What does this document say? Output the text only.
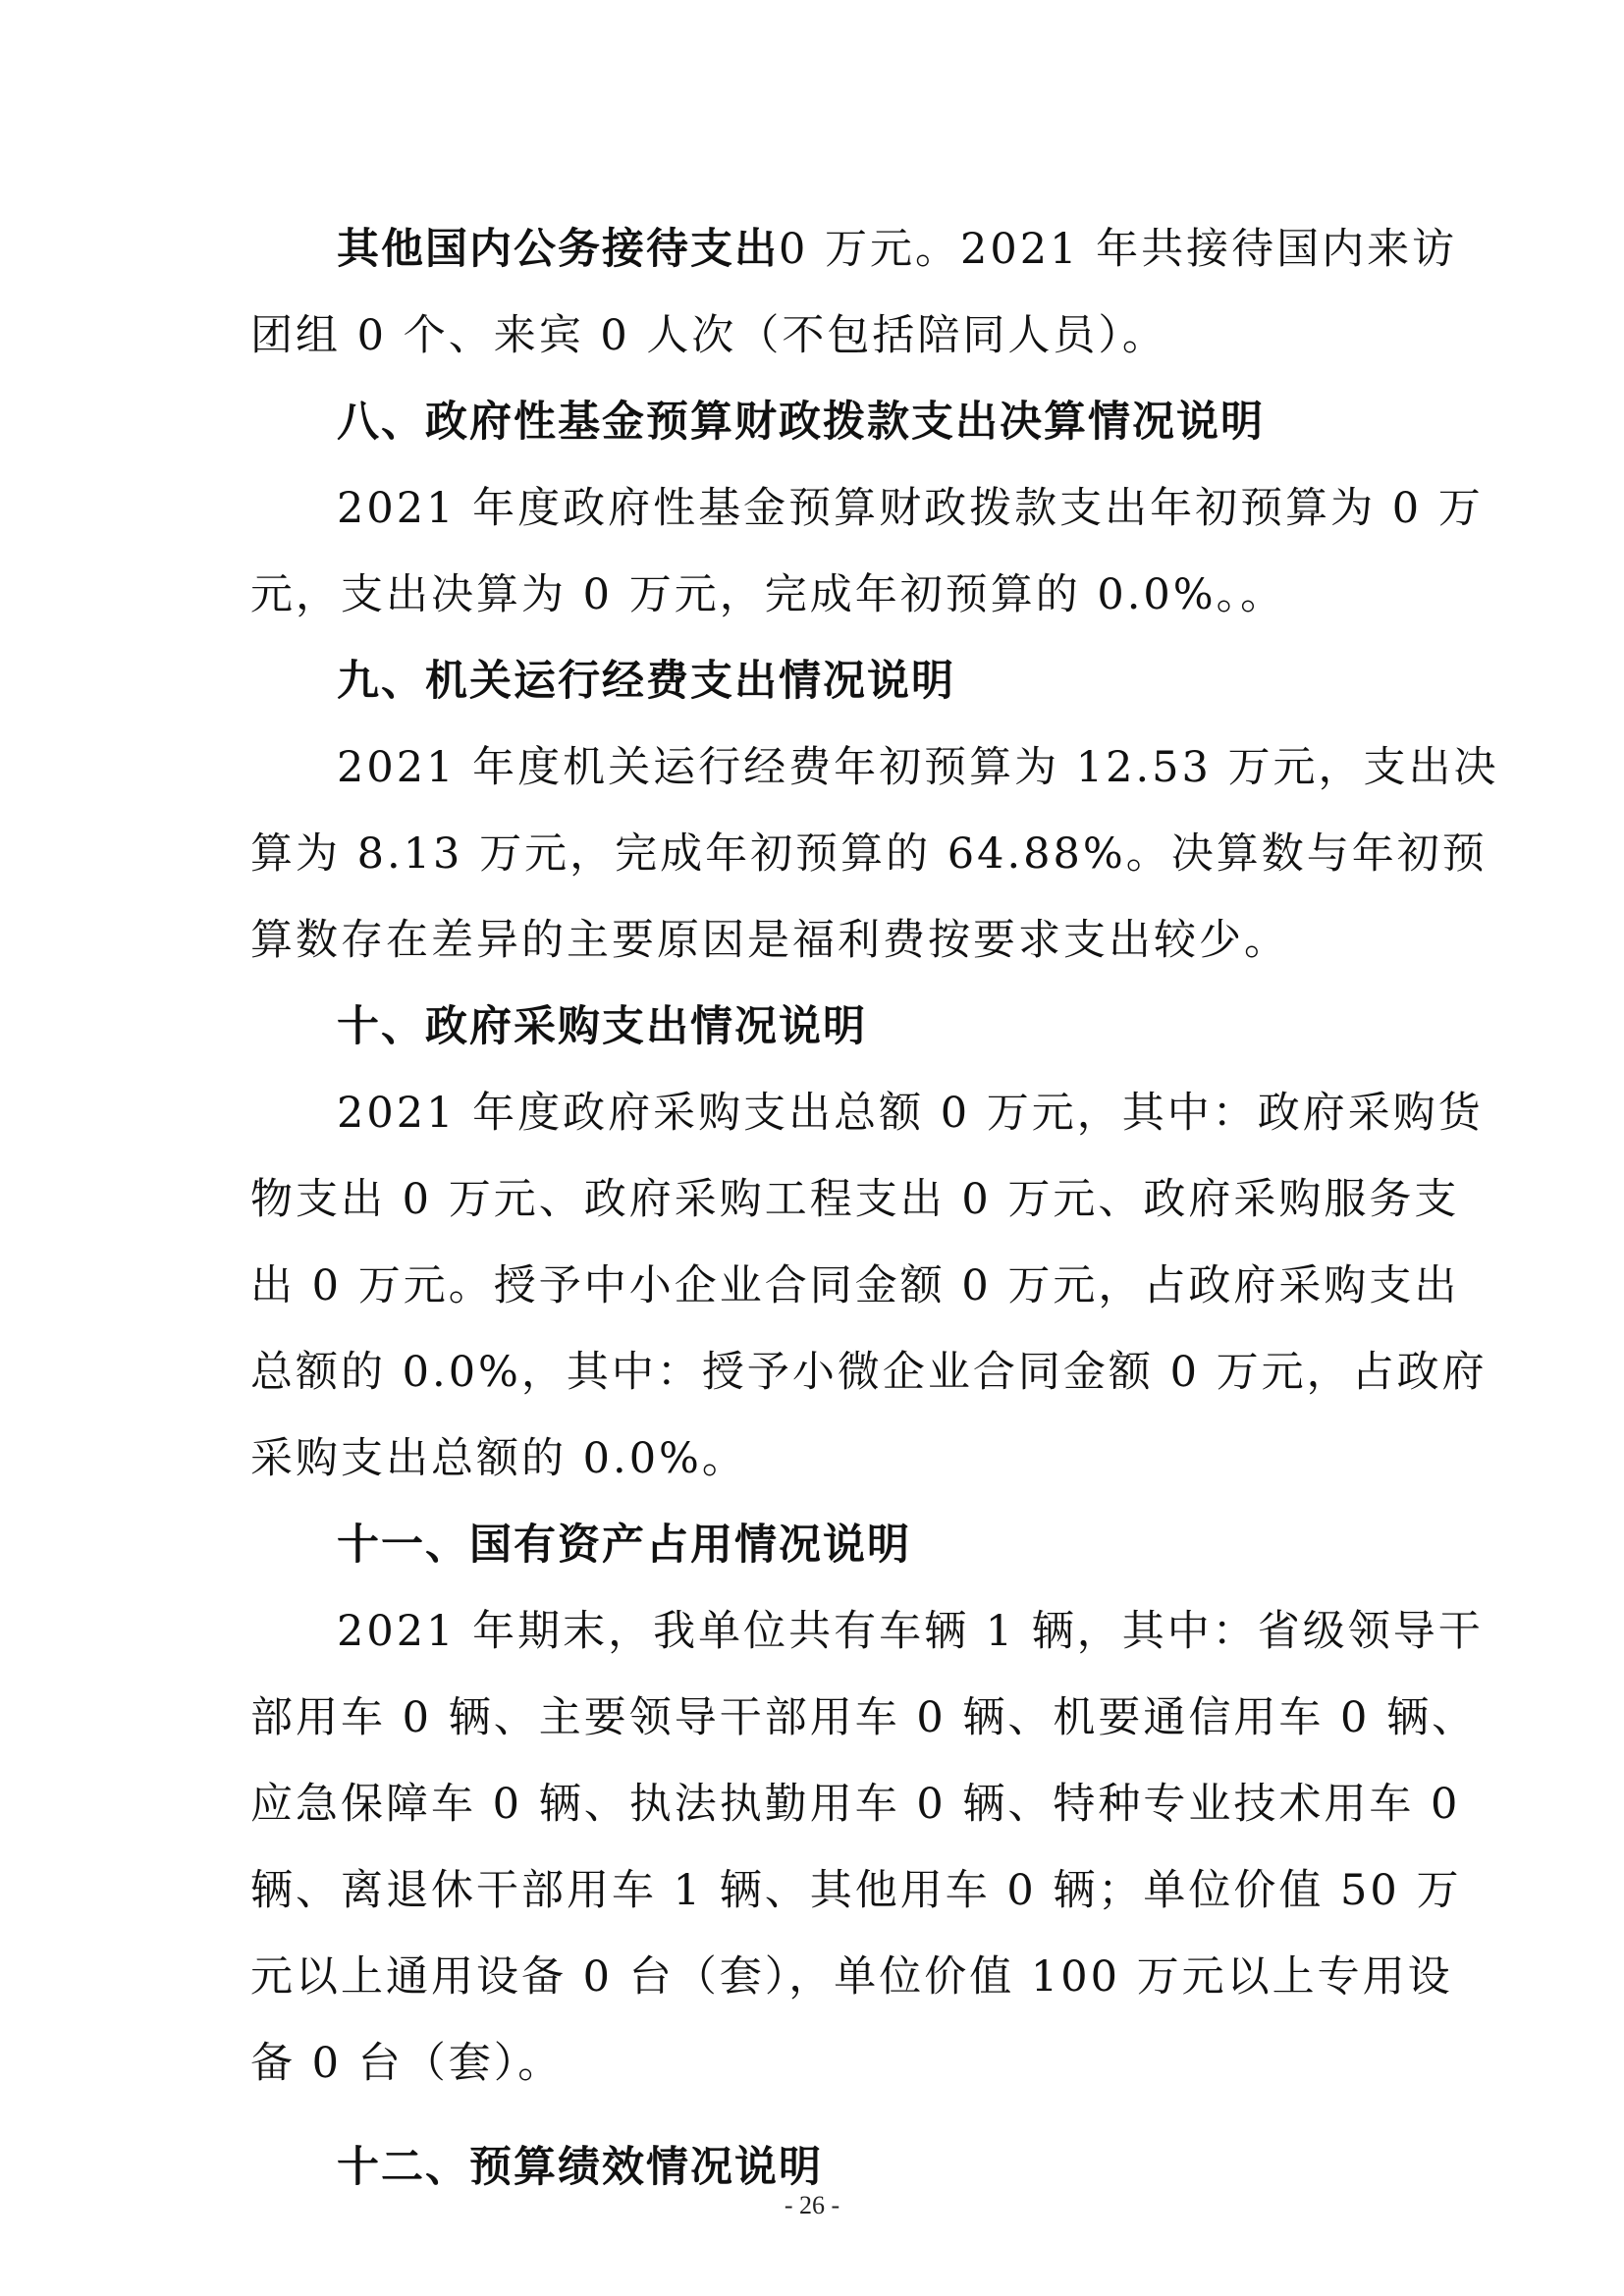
其他国内公务接待支出0 万元。2021 年共接待国内来访
团组 0 个、来宾 0 人次（不包括陪同人员）。
八、政府性基金预算财政拨款支出决算情况说明
2021 年度政府性基金预算财政拨款支出年初预算为 0 万
元，支出决算为 0 万元，完成年初预算的 0.0%。。
九、机关运行经费支出情况说明
2021 年度机关运行经费年初预算为 12.53 万元，支出决
算为 8.13 万元，完成年初预算的 64.88%。决算数与年初预
算数存在差异的主要原因是福利费按要求支出较少。
十、政府采购支出情况说明
2021 年度政府采购支出总额 0 万元，其中：政府采购货
物支出 0 万元、政府采购工程支出 0 万元、政府采购服务支
出 0 万元。授予中小企业合同金额 0 万元，占政府采购支出
总额的 0.0%，其中：授予小微企业合同金额 0 万元，占政府
采购支出总额的 0.0%。
十一、国有资产占用情况说明
2021 年期末，我单位共有车辆 1 辆，其中：省级领导干
部用车 0 辆、主要领导干部用车 0 辆、机要通信用车 0 辆、
应急保障车 0 辆、执法执勤用车 0 辆、特种专业技术用车 0
辆、离退休干部用车 1 辆、其他用车 0 辆；单位价值 50 万
元以上通用设备 0 台（套），单位价值 100 万元以上专用设
备 0 台（套）。
十二、预算绩效情况说明
- 26 -
